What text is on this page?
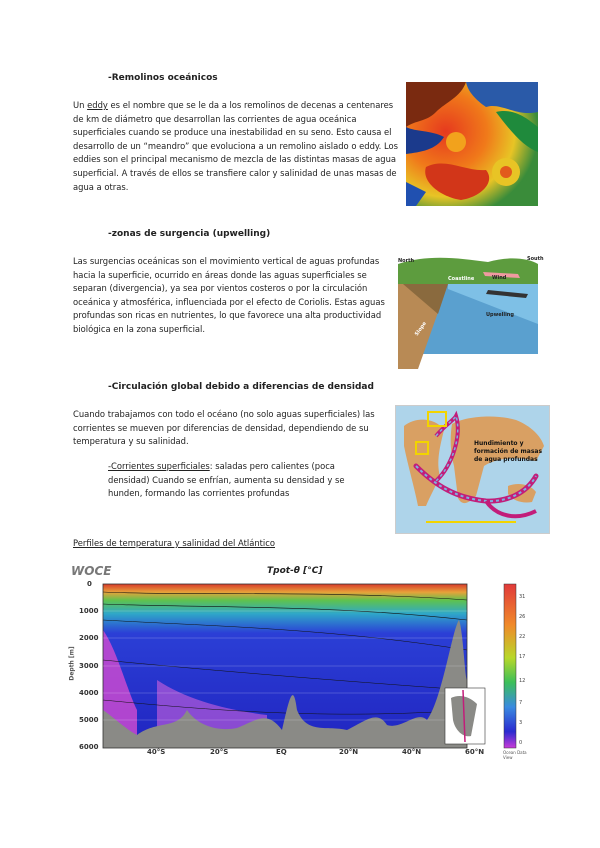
-Remolinos oceánicos
Un eddy es el nombre que se le da a los remolinos de decenas a centenares de km de diámetro que desarrollan las corrientes de agua oceánica superficiales cuando se produce una inestabilidad en su seno. Esto causa el desarrollo de un “meandro” que evoluciona a un remolino aislado o eddy. Los eddies son el principal mecanismo de mezcla de las distintas masas de agua superficial. A través de ellos se transfiere calor y salinidad de unas masas de agua a otras.
-zonas de surgencia (upwelling)
Las surgencias oceánicas son el movimiento vertical de aguas profundas hacia la superficie, ocurrido en áreas donde las aguas superficiales se separan (divergencia), ya sea por vientos costeros o por la circulación oceánica y atmosférica, influenciada por el efecto de Coriolis. Estas aguas profundas son ricas en nutrientes, lo que favorece una alta productividad biológica en la zona superficial.
North	South
Coastline	Wind
Upwelling
Slope
-Circulación global debido a diferencias de densidad
Cuando trabajamos con todo el océano (no solo aguas superficiales) las corrientes se mueven por diferencias de densidad, dependiendo de su temperatura y su salinidad.
-Corrientes superficiales: saladas pero calientes (poca densidad) Cuando se enfrían, aumenta su densidad y se hunden, formando las corrientes profundas
Hundimiento y formación de masas de agua profundas
Perfiles de temperatura y salinidad del Atlántico
WOCE	Tpot-θ [°C]
A16
Depth [m]
Ocean Data View
0
1000
2000
3000
4000
5000
6000
40°S	20°S	EQ	20°N	40°N	60°N
31
26
22
17
12
7
3
0
